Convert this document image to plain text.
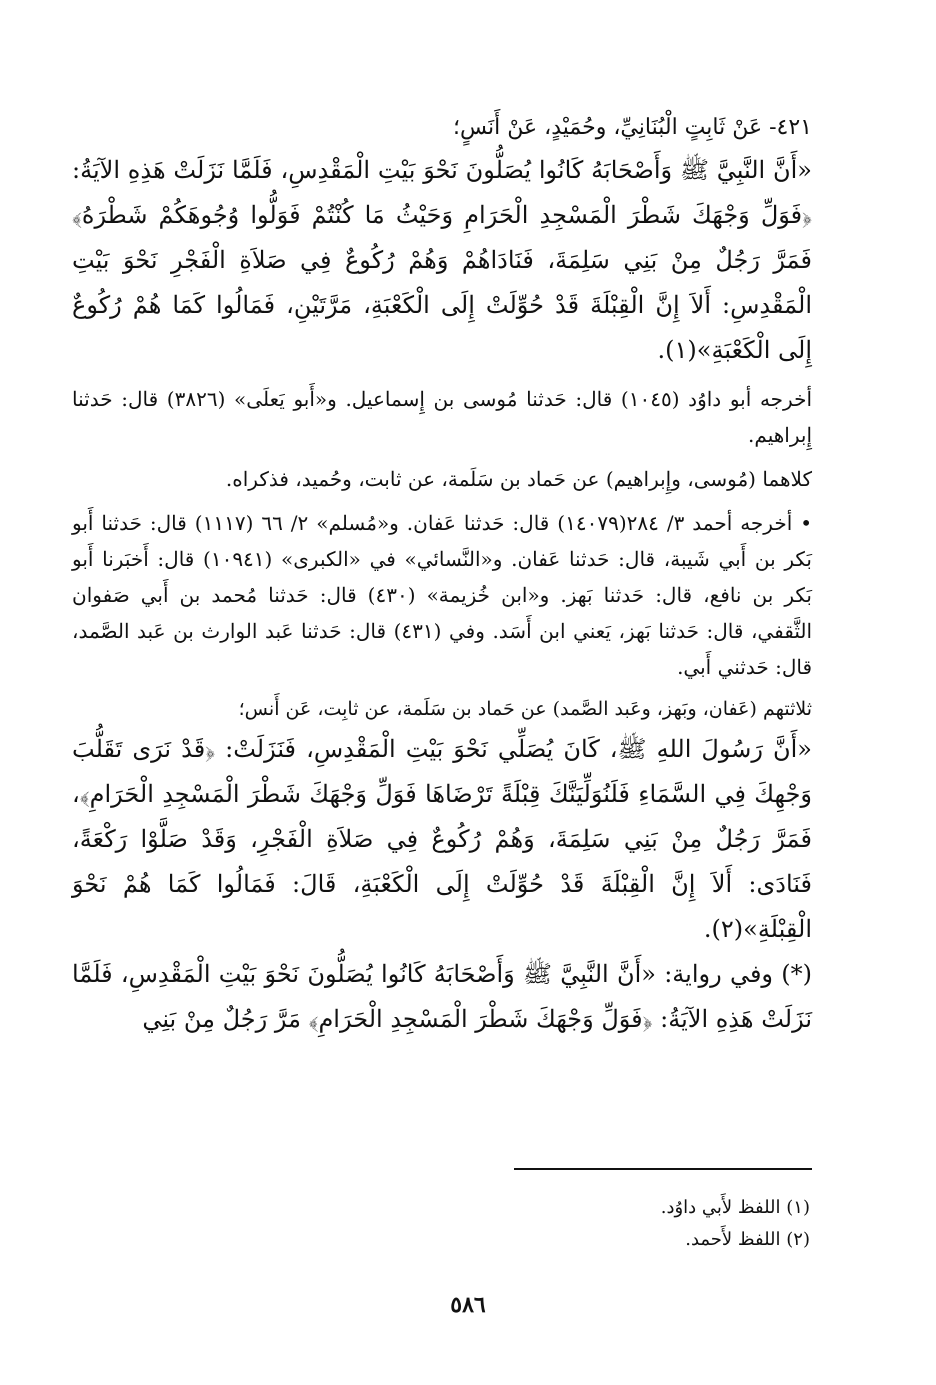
٤٢١- عَنْ ثَابِتٍ الْبُنَانِيِّ، وحُمَيْدٍ، عَنْ أَنَسٍ؛

«أَنَّ النَّبِيَّ ﷺ وَأَصْحَابَهُ كَانُوا يُصَلُّونَ نَحْوَ بَيْتِ الْمَقْدِسِ، فَلَمَّا نَزَلَتْ هَذِهِ الآيَةُ: ﴿فَوَلِّ وَجْهَكَ شَطْرَ الْمَسْجِدِ الْحَرَامِ وَحَيْثُ مَا كُنْتُمْ فَوَلُّوا وُجُوهَكُمْ شَطْرَهُ﴾ فَمَرَّ رَجُلٌ مِنْ بَنِي سَلِمَةَ، فَنَادَاهُمْ وَهُمْ رُكُوعٌ فِي صَلاَةِ الْفَجْرِ نَحْوَ بَيْتِ الْمَقْدِسِ: أَلاَ إِنَّ الْقِبْلَةَ قَدْ حُوِّلَتْ إِلَى الْكَعْبَةِ، مَرَّتَيْنِ، فَمَالُوا كَمَا هُمْ رُكُوعٌ إِلَى الْكَعْبَةِ»(١).

أخرجه أبو داوُد (١٠٤٥) قال: حَدثنا مُوسى بن إِسماعيل. و«أَبو يَعلَى» (٣٨٢٦) قال: حَدثنا إِبراهيم.

كلاهما (مُوسى، وإِبراهيم) عن حَماد بن سَلَمة، عن ثابت، وحُميد، فذكراه.

• أخرجه أحمد ٣/ ٢٨٤(١٤٠٧٩) قال: حَدثنا عَفان. و«مُسلم» ٢/ ٦٦ (١١١٧) قال: حَدثنا أَبو بَكر بن أَبي شَيبة، قال: حَدثنا عَفان. و«النَّسائي» في «الكبرى» (١٠٩٤١) قال: أَخبَرنا أَبو بَكر بن نافع، قال: حَدثنا بَهز. و«ابن خُزيمة» (٤٣٠) قال: حَدثنا مُحمد بن أَبي صَفوان الثَّقفي، قال: حَدثنا بَهز، يَعني ابن أَسَد. وفي (٤٣١) قال: حَدثنا عَبد الوارث بن عَبد الصَّمد، قال: حَدثني أَبي.

ثلاثتهم (عَفان، وبَهز، وعَبد الصَّمد) عن حَماد بن سَلَمة، عن ثابِت، عَن أَنس؛

«أَنَّ رَسُولَ اللهِ ﷺ، كَانَ يُصَلِّي نَحْوَ بَيْتِ الْمَقْدِسِ، فَنَزَلَتْ: ﴿قَدْ نَرَى تَقَلُّبَ وَجْهِكَ فِي السَّمَاءِ فَلَنُوَلِّيَنَّكَ قِبْلَةً تَرْضَاهَا فَوَلِّ وَجْهَكَ شَطْرَ الْمَسْجِدِ الْحَرَامِ﴾، فَمَرَّ رَجُلٌ مِنْ بَنِي سَلِمَةَ، وَهُمْ رُكُوعٌ فِي صَلاَةِ الْفَجْرِ، وَقَدْ صَلَّوْا رَكْعَةً، فَنَادَى: أَلاَ إِنَّ الْقِبْلَةَ قَدْ حُوِّلَتْ إِلَى الْكَعْبَةِ، قَالَ: فَمَالُوا كَمَا هُمْ نَحْوَ الْقِبْلَةِ»(٢).

(*) وفي رواية: «أَنَّ النَّبِيَّ ﷺ وَأَصْحَابَهُ كَانُوا يُصَلُّونَ نَحْوَ بَيْتِ الْمَقْدِسِ، فَلَمَّا نَزَلَتْ هَذِهِ الآيَةُ: ﴿فَوَلِّ وَجْهَكَ شَطْرَ الْمَسْجِدِ الْحَرَامِ﴾ مَرَّ رَجُلٌ مِنْ بَنِي

(١) اللفظ لأَبي داوُد.

(٢) اللفظ لأَحمد.

٥٨٦
